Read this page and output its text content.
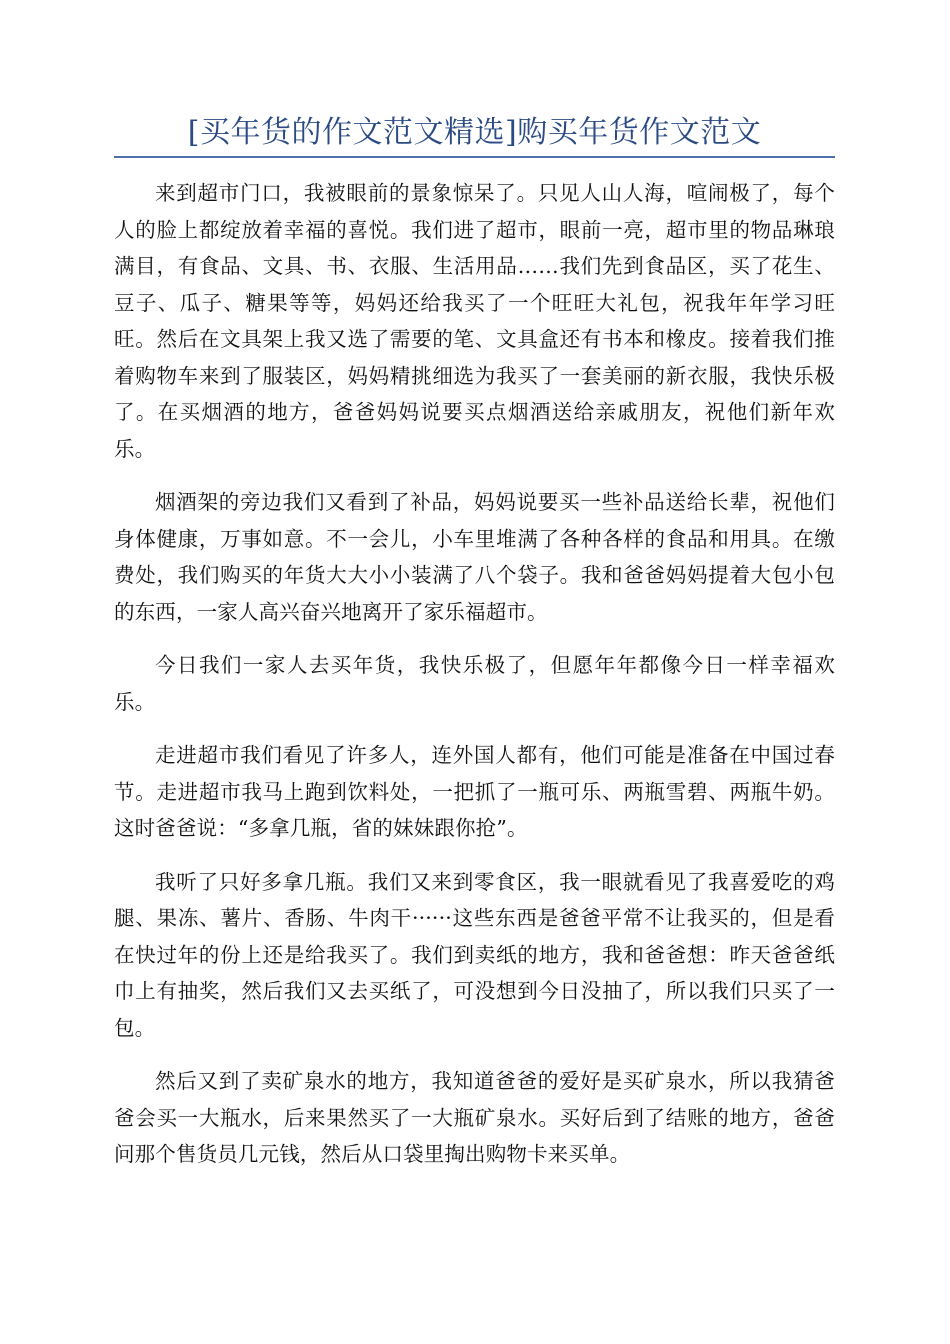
[买年货的作文范文精选]购买年货作文范文

来到超市门口，我被眼前的景象惊呆了。只见人山人海，喧闹极了，每个人的脸上都绽放着幸福的喜悦。我们进了超市，眼前一亮，超市里的物品琳琅满目，有食品、文具、书、衣服、生活用品……我们先到食品区，买了花生、豆子、瓜子、糖果等等，妈妈还给我买了一个旺旺大礼包，祝我年年学习旺旺。然后在文具架上我又选了需要的笔、文具盒还有书本和橡皮。接着我们推着购物车来到了服装区，妈妈精挑细选为我买了一套美丽的新衣服，我快乐极了。在买烟酒的地方，爸爸妈妈说要买点烟酒送给亲戚朋友，祝他们新年欢乐。

烟酒架的旁边我们又看到了补品，妈妈说要买一些补品送给长辈，祝他们身体健康，万事如意。不一会儿，小车里堆满了各种各样的食品和用具。在缴费处，我们购买的年货大大小小装满了八个袋子。我和爸爸妈妈提着大包小包的东西，一家人高兴奋兴地离开了家乐福超市。

今日我们一家人去买年货，我快乐极了，但愿年年都像今日一样幸福欢乐。

走进超市我们看见了许多人，连外国人都有，他们可能是准备在中国过春节。走进超市我马上跑到饮料处，一把抓了一瓶可乐、两瓶雪碧、两瓶牛奶。这时爸爸说：“多拿几瓶，省的妹妹跟你抢”。

我听了只好多拿几瓶。我们又来到零食区，我一眼就看见了我喜爱吃的鸡腿、果冻、薯片、香肠、牛肉干······这些东西是爸爸平常不让我买的，但是看在快过年的份上还是给我买了。我们到卖纸的地方，我和爸爸想：昨天爸爸纸巾上有抽奖，然后我们又去买纸了，可没想到今日没抽了，所以我们只买了一包。

然后又到了卖矿泉水的地方，我知道爸爸的爱好是买矿泉水，所以我猜爸爸会买一大瓶水，后来果然买了一大瓶矿泉水。买好后到了结账的地方，爸爸问那个售货员几元钱，然后从口袋里掏出购物卡来买单。
